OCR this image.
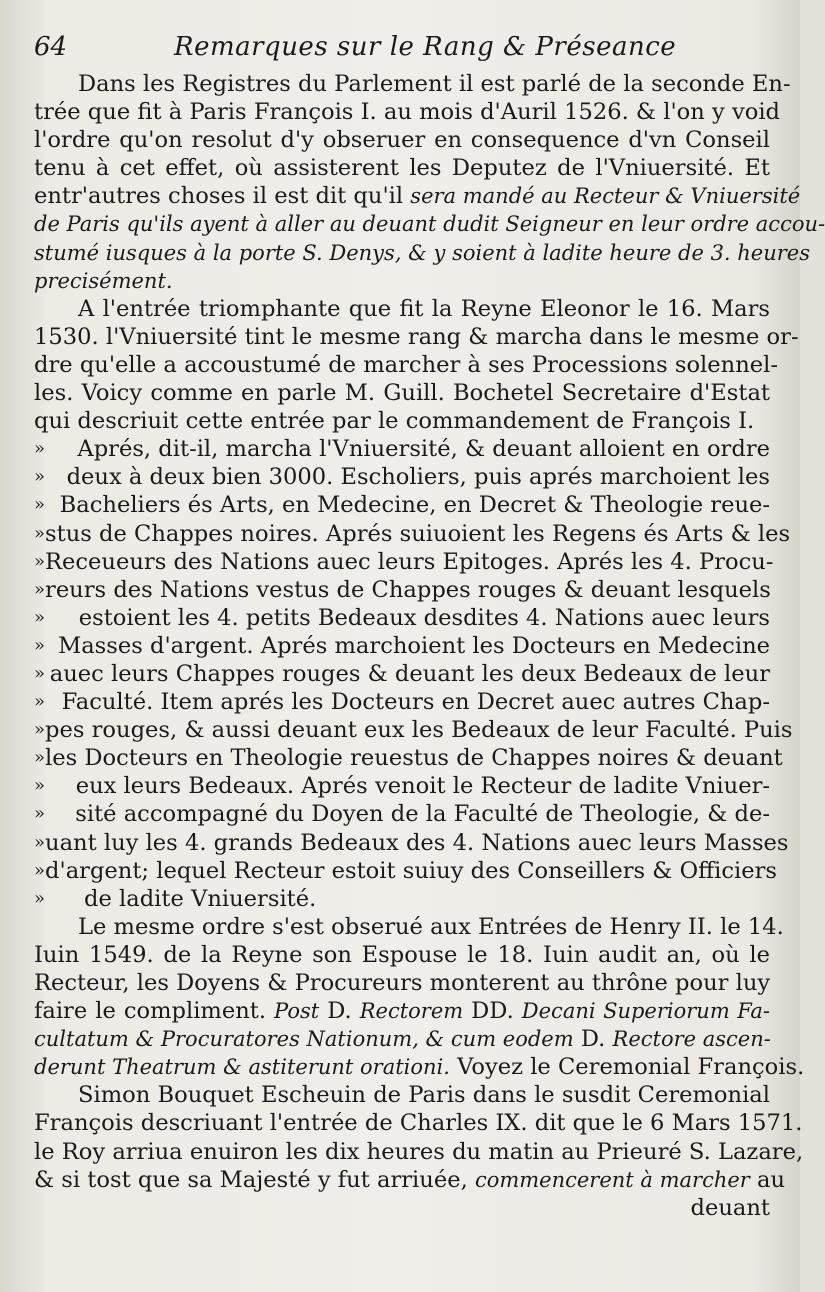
64	Remarques sur le Rang & Préseance
Dans les Registres du Parlement il est parlé de la seconde En-
trée que fit à Paris François I. au mois d'Auril 1526. & l'on y void
l'ordre qu'on resolut d'y obseruer en consequence d'vn Conseil
tenu à cet effet, où assisterent les Deputez de l'Vniuersité. Et
entr'autres choses il est dit qu'il sera mandé au Recteur & Vniuersité
de Paris qu'ils ayent à aller au deuant dudit Seigneur en leur ordre accou-
stumé iusques à la porte S. Denys, & y soient à ladite heure de 3. heures
precisément.
A l'entrée triomphante que fit la Reyne Eleonor le 16. Mars
1530. l'Vniuersité tint le mesme rang & marcha dans le mesme or-
dre qu'elle a accoustumé de marcher à ses Processions solennel-
les. Voicy comme en parle M. Guill. Bochetel Secretaire d'Estat
qui descriuit cette entrée par le commandement de François I.
»	Aprés, dit-il, marcha l'Vniuersité, & deuant alloient en ordre
» deux à deux bien 3000. Escholiers, puis aprés marchoient les
» Bacheliers és Arts, en Medecine, en Decret & Theologie reue-
» stus de Chappes noires. Aprés suiuoient les Regens és Arts & les
» Receueurs des Nations auec leurs Epitoges. Aprés les 4. Procu-
» reurs des Nations vestus de Chappes rouges & deuant lesquels
»	estoient les 4. petits Bedeaux desdites 4. Nations auec leurs
» Masses d'argent. Aprés marchoient les Docteurs en Medecine
» auec leurs Chappes rouges & deuant les deux Bedeaux de leur
» Faculté. Item aprés les Docteurs en Decret auec autres Chap-
» pes rouges, & aussi deuant eux les Bedeaux de leur Faculté. Puis
» les Docteurs en Theologie reuestus de Chappes noires & deuant
»	eux leurs Bedeaux. Aprés venoit le Recteur de ladite Vniuer-
»	sité accompagné du Doyen de la Faculté de Theologie, & de-
» uant luy les 4. grands Bedeaux des 4. Nations auec leurs Masses
» d'argent; lequel Recteur estoit suiuy des Conseillers & Officiers
»	de ladite Vniuersité.
Le mesme ordre s'est obserué aux Entrées de Henry II. le 14.
Iuin 1549. de la Reyne son Espouse le 18. Iuin audit an, où le
Recteur, les Doyens & Procureurs monterent au thrône pour luy
faire le compliment. Post D. Rectorem DD. Decani Superiorum Fa-
cultatum & Procuratores Nationum, & cum eodem D. Rectore ascen-
derunt Theatrum & astiterunt orationi. Voyez le Ceremonial François.
Simon Bouquet Escheuin de Paris dans le susdit Ceremonial
François descriuant l'entrée de Charles IX. dit que le 6 Mars 1571.
le Roy arriua enuiron les dix heures du matin au Prieuré S. Lazare,
& si tost que sa Majesté y fut arriuée, commencerent à marcher au
deuant
